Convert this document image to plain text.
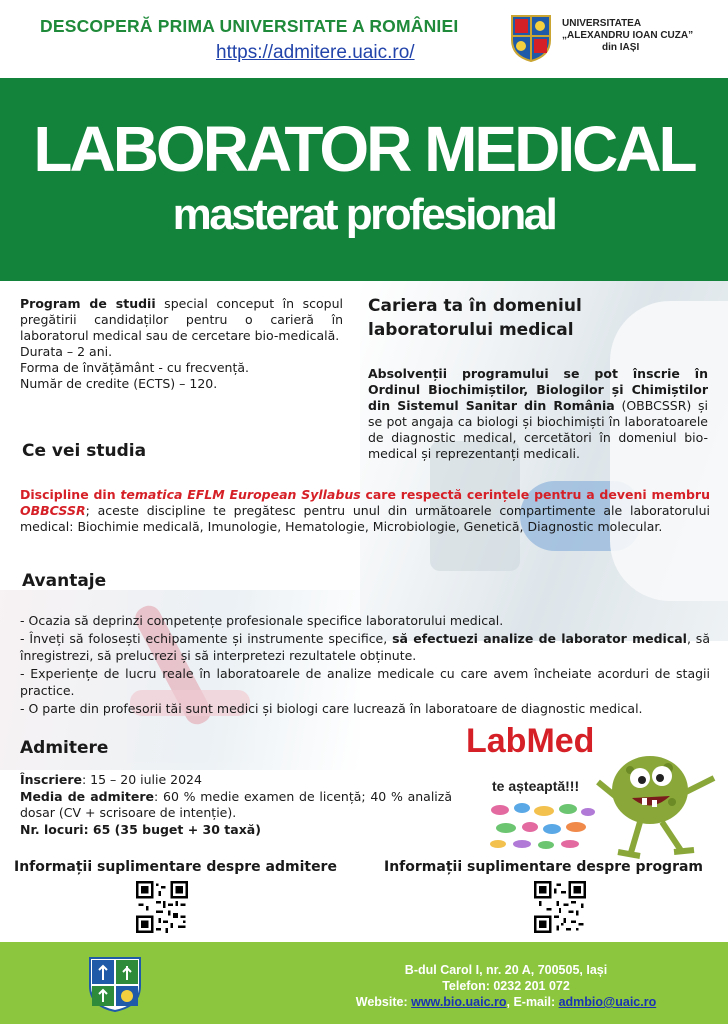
DESCOPERĂ PRIMA UNIVERSITATE A ROMÂNIEI
https://admitere.uaic.ro/
UNIVERSITATEA
„ALEXANDRU IOAN CUZA”
din IAȘI
LABORATOR MEDICAL
masterat profesional
Program de studii special conceput în scopul pregătirii candidaților pentru o carieră în laboratorul medical sau de cercetare bio-medicală.
Durata – 2 ani.
Forma de învățământ - cu frecvență.
Număr de credite (ECTS) – 120.
Cariera ta în domeniul laboratorului medical
Absolvenții programului se pot înscrie în Ordinul Biochimiștilor, Biologilor și Chimiștilor din Sistemul Sanitar din România (OBBCSSR) și se pot angaja ca biologi și biochimiști în laboratoarele de diagnostic medical, cercetători în domeniul bio-medical și reprezentanți medicali.
Ce vei studia
Discipline din tematica EFLM European Syllabus care respectă cerințele pentru a deveni membru OBBCSSR; aceste discipline te pregătesc pentru unul din următoarele compartimente ale laboratorului medical: Biochimie medicală, Imunologie, Hematologie, Microbiologie, Genetică, Diagnostic molecular.
Avantaje
- Ocazia să deprinzi competențe profesionale specifice laboratorului medical.
- Înveți să folosești echipamente și instrumente specifice, să efectuezi analize de laborator medical, să înregistrezi, să prelucrezi și să interpretezi rezultatele obținute.
- Experiențe de lucru reale în laboratoarele de analize medicale cu care avem încheiate acorduri de stagii practice.
- O parte din profesorii tăi sunt medici și biologi care lucrează în laboratoare de diagnostic medical.
Admitere
Înscriere: 15 – 20 iulie 2024
Media de admitere: 60 % medie examen de licență; 40 % analiză dosar (CV + scrisoare de intenție).
Nr. locuri: 65 (35 buget + 30 taxă)
LabMed
te așteaptă!!!
Informații suplimentare despre admitere	Informații suplimentare despre program
B-dul Carol I, nr. 20 A, 700505, Iași
Telefon: 0232 201 072
Website: www.bio.uaic.ro, E-mail: admbio@uaic.ro
